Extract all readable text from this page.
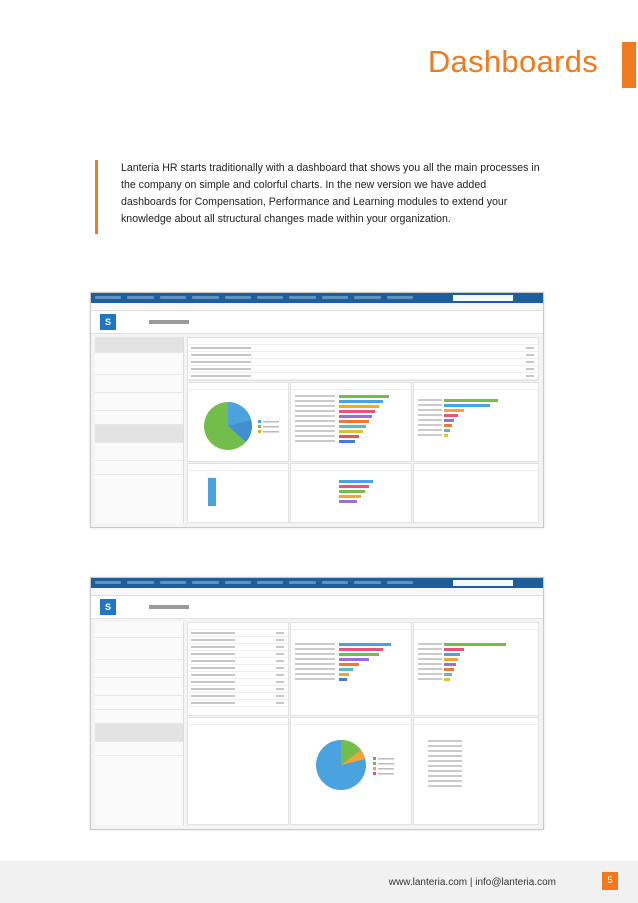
Dashboards
Lanteria HR starts traditionally with a dashboard that shows you all the main processes in the company on simple and colorful charts. In the new version we have added dashboards for Compensation, Performance and Learning modules to extend your knowledge about all structural changes made within your organization.
S
S
www.lanteria.com | info@lanteria.com	5
